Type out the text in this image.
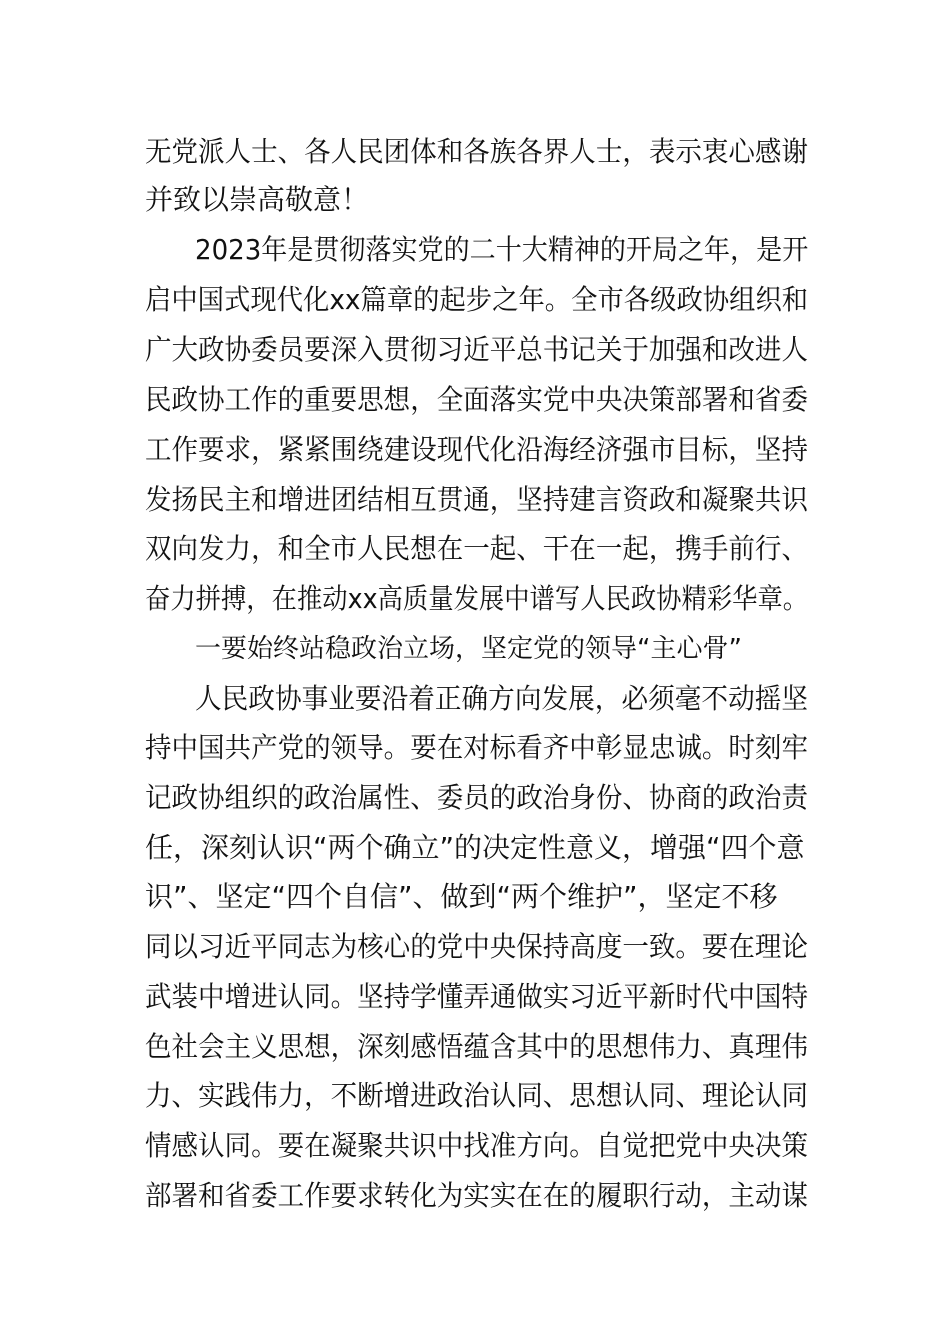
无党派人士、各人民团体和各族各界人士，表示衷心感谢
并致以崇高敬意！
2023年是贯彻落实党的二十大精神的开局之年，是开
启中国式现代化xx篇章的起步之年。全市各级政协组织和
广大政协委员要深入贯彻习近平总书记关于加强和改进人
民政协工作的重要思想，全面落实党中央决策部署和省委
工作要求，紧紧围绕建设现代化沿海经济强市目标，坚持
发扬民主和增进团结相互贯通，坚持建言资政和凝聚共识
双向发力，和全市人民想在一起、干在一起，携手前行、
奋力拼搏，在推动xx高质量发展中谱写人民政协精彩华章。
一要始终站稳政治立场，坚定党的领导“主心骨”
人民政协事业要沿着正确方向发展，必须毫不动摇坚
持中国共产党的领导。要在对标看齐中彰显忠诚。时刻牢
记政协组织的政治属性、委员的政治身份、协商的政治责
任，深刻认识“两个确立”的决定性意义，增强“四个意
识”、坚定“四个自信”、做到“两个维护”，坚定不移
同以习近平同志为核心的党中央保持高度一致。要在理论
武装中增进认同。坚持学懂弄通做实习近平新时代中国特
色社会主义思想，深刻感悟蕴含其中的思想伟力、真理伟
力、实践伟力，不断增进政治认同、思想认同、理论认同
情感认同。要在凝聚共识中找准方向。自觉把党中央决策
部署和省委工作要求转化为实实在在的履职行动，主动谋
